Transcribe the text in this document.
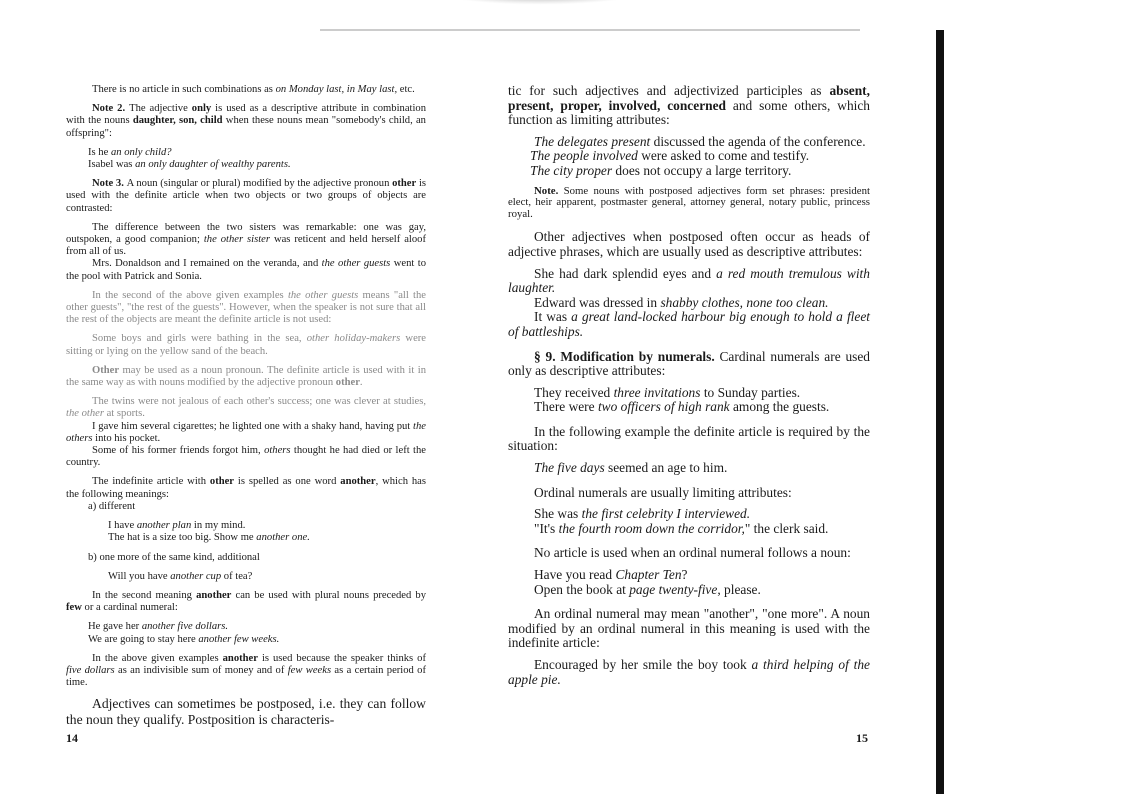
There is no article in such combinations as on Monday last, in May last, etc.

Note 2. The adjective only is used as a descriptive attribute in combination with the nouns daughter, son, child when these nouns mean "somebody's child, an offspring":

Is he an only child?

Isabel was an only daughter of wealthy parents.

Note 3. A noun (singular or plural) modified by the adjective pronoun other is used with the definite article when two objects or two groups of objects are contrasted:

The difference between the two sisters was remarkable: one was gay, outspoken, a good companion; the other sister was reticent and held herself aloof from all of us.

Mrs. Donaldson and I remained on the veranda, and the other guests went to the pool with Patrick and Sonia.

In the second of the above given examples the other guests means "all the other guests", "the rest of the guests". However, when the speaker is not sure that all the rest of the objects are meant the definite article is not used:

Some boys and girls were bathing in the sea, other holiday-makers were sitting or lying on the yellow sand of the beach.

Other may be used as a noun pronoun. The definite article is used with it in the same way as with nouns modified by the adjective pronoun other.

The twins were not jealous of each other's success; one was clever at studies, the other at sports.

I gave him several cigarettes; he lighted one with a shaky hand, having put the others into his pocket.

Some of his former friends forgot him, others thought he had died or left the country.

The indefinite article with other is spelled as one word another, which has the following meanings:

a) different

I have another plan in my mind.

The hat is a size too big. Show me another one.

b) one more of the same kind, additional

Will you have another cup of tea?

In the second meaning another can be used with plural nouns preceded by few or a cardinal numeral:

He gave her another five dollars.

We are going to stay here another few weeks.

In the above given examples another is used because the speaker thinks of five dollars as an indivisible sum of money and of few weeks as a certain period of time.

Adjectives can sometimes be postposed, i.e. they can follow the noun they qualify. Postposition is characteris-

14

tic for such adjectives and adjectivized participles as absent, present, proper, involved, concerned and some others, which function as limiting attributes:

The delegates present discussed the agenda of the conference.

The people involved were asked to come and testify.

The city proper does not occupy a large territory.

Note. Some nouns with postposed adjectives form set phrases: president elect, heir apparent, postmaster general, attorney general, notary public, princess royal.

Other adjectives when postposed often occur as heads of adjective phrases, which are usually used as descriptive attributes:

She had dark splendid eyes and a red mouth tremulous with laughter.

Edward was dressed in shabby clothes, none too clean.

It was a great land-locked harbour big enough to hold a fleet of battleships.

§ 9. Modification by numerals. Cardinal numerals are used only as descriptive attributes:

They received three invitations to Sunday parties.

There were two officers of high rank among the guests.

In the following example the definite article is required by the situation:

The five days seemed an age to him.

Ordinal numerals are usually limiting attributes:

She was the first celebrity I interviewed.

"It's the fourth room down the corridor," the clerk said.

No article is used when an ordinal numeral follows a noun:

Have you read Chapter Ten?

Open the book at page twenty-five, please.

An ordinal numeral may mean "another", "one more". A noun modified by an ordinal numeral in this meaning is used with the indefinite article:

Encouraged by her smile the boy took a third helping of the apple pie.

15
